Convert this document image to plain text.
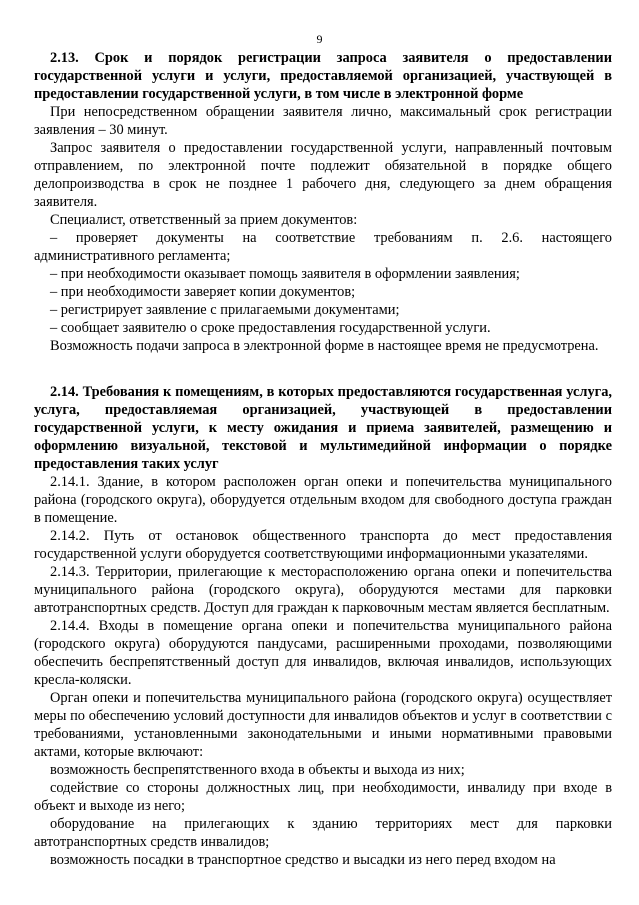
9
2.13. Срок и порядок регистрации запроса заявителя о предоставлении государственной услуги и услуги, предоставляемой организацией, участвующей в предоставлении государственной услуги, в том числе в электронной форме

При непосредственном обращении заявителя лично, максимальный срок регистрации заявления – 30 минут.

Запрос заявителя о предоставлении государственной услуги, направленный почтовым отправлением, по электронной почте подлежит обязательной в порядке общего делопроизводства в срок не позднее 1 рабочего дня, следующего за днем обращения заявителя.

Специалист, ответственный за прием документов:

– проверяет документы на соответствие требованиям п. 2.6. настоящего административного регламента;

– при необходимости оказывает помощь заявителя в оформлении заявления;

– при необходимости заверяет копии документов;

– регистрирует заявление с прилагаемыми документами;

– сообщает заявителю о сроке предоставления государственной услуги.

Возможность подачи запроса в электронной форме в настоящее время не предусмотрена.

2.14. Требования к помещениям, в которых предоставляются государственная услуга, услуга, предоставляемая организацией, участвующей в предоставлении государственной услуги, к месту ожидания и приема заявителей, размещению и оформлению визуальной, текстовой и мультимедийной информации о порядке предоставления таких услуг

2.14.1. Здание, в котором расположен орган опеки и попечительства муниципального района (городского округа), оборудуется отдельным входом для свободного доступа граждан в помещение.

2.14.2. Путь от остановок общественного транспорта до мест предоставления государственной услуги оборудуется соответствующими информационными указателями.

2.14.3. Территории, прилегающие к месторасположению органа опеки и попечительства муниципального района (городского округа), оборудуются местами для парковки автотранспортных средств. Доступ для граждан к парковочным местам является бесплатным.

2.14.4. Входы в помещение органа опеки и попечительства муниципального района (городского округа) оборудуются пандусами, расширенными проходами, позволяющими обеспечить беспрепятственный доступ для инвалидов, включая инвалидов, использующих кресла-коляски.

Орган опеки и попечительства муниципального района (городского округа) осуществляет меры по обеспечению условий доступности для инвалидов объектов и услуг в соответствии с требованиями, установленными законодательными и иными нормативными правовыми актами, которые включают:

возможность беспрепятственного входа в объекты и выхода из них;

содействие со стороны должностных лиц, при необходимости, инвалиду при входе в объект и выходе из него;

оборудование на прилегающих к зданию территориях мест для парковки автотранспортных средств инвалидов;

возможность посадки в транспортное средство и высадки из него перед входом на
